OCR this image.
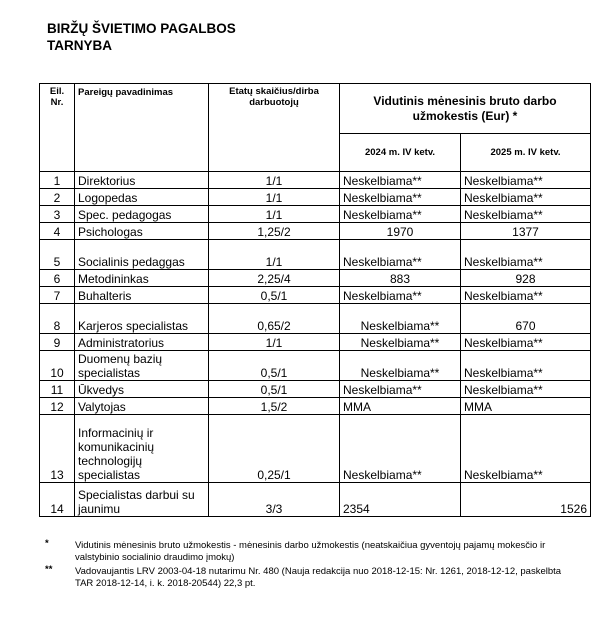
BIRŽŲ ŠVIETIMO PAGALBOS
TARNYBA
Eil. Nr.	Pareigų pavadinimas	Etatų skaičius/dirba darbuotojų	Vidutinis mėnesinis bruto darbo užmokestis (Eur) *	
			2024 m. IV ketv.	2025 m. IV ketv.
1	Direktorius	1/1	Neskelbiama**	Neskelbiama**
2	Logopedas	1/1	Neskelbiama**	Neskelbiama**
3	Spec. pedagogas	1/1	Neskelbiama**	Neskelbiama**
4	Psichologas	1,25/2	1970	1377
5	Socialinis pedaggas	1/1	Neskelbiama**	Neskelbiama**
6	Metodininkas	2,25/4	883	928
7	Buhalteris	0,5/1	Neskelbiama**	Neskelbiama**
8	Karjeros specialistas	0,65/2	Neskelbiama**	670
9	Administratorius	1/1	Neskelbiama**	Neskelbiama**
10	Duomenų bazių specialistas	0,5/1	Neskelbiama**	Neskelbiama**
11	Ūkvedys	0,5/1	Neskelbiama**	Neskelbiama**
12	Valytojas	1,5/2	MMA	MMA
13	Informacinių ir komunikacinių technologijų specialistas	0,25/1	Neskelbiama**	Neskelbiama**
14	Specialistas darbui su jaunimu	3/3	2354	1526
*	Vidutinis mėnesinis bruto užmokestis - mėnesinis darbo užmokestis (neatskaičiua gyventojų pajamų mokesčio ir valstybinio socialinio draudimo įmokų)
** Vadovaujantis LRV 2003-04-18 nutarimu Nr. 480 (Nauja redakcija nuo 2018-12-15: Nr. 1261, 2018-12-12, paskelbta TAR 2018-12-14, i. k. 2018-20544) 22,3 pt.
